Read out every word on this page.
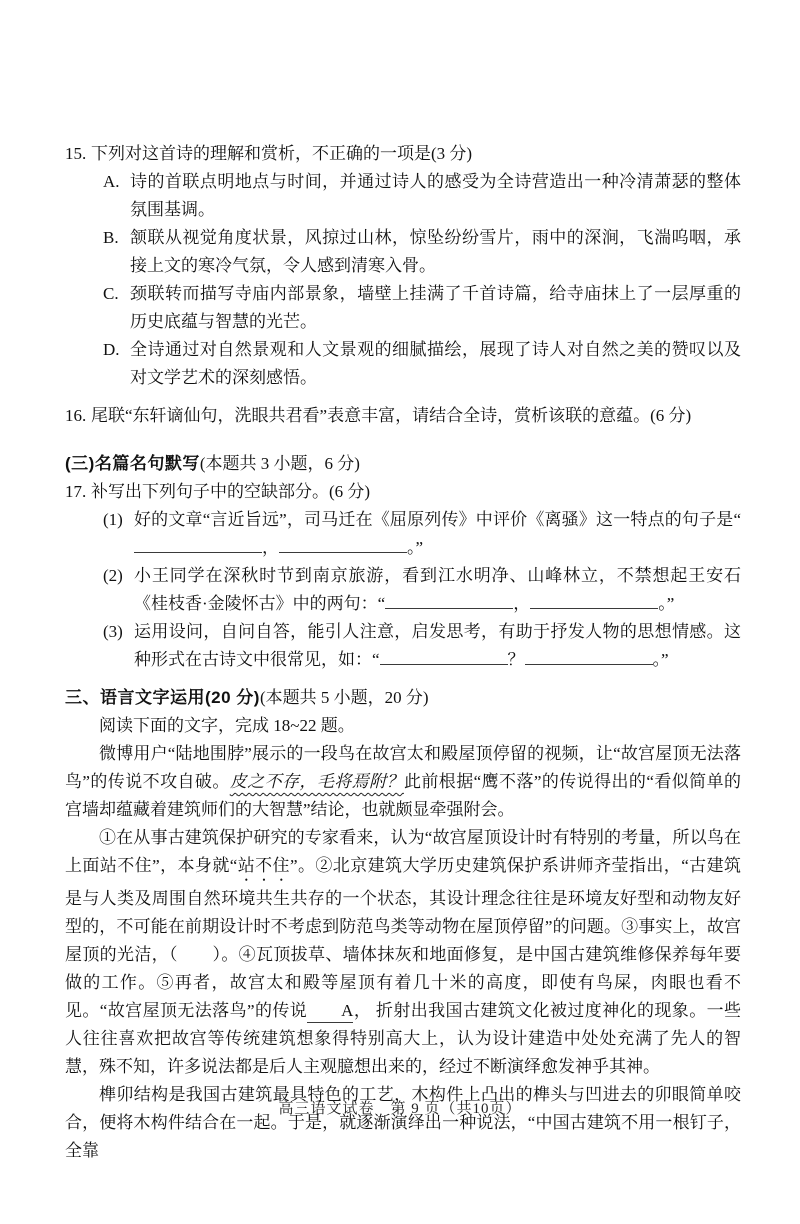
15. 下列对这首诗的理解和赏析，不正确的一项是(3 分)
A. 诗的首联点明地点与时间，并通过诗人的感受为全诗营造出一种冷清萧瑟的整体氛围基调。
B. 颔联从视觉角度状景，风掠过山林，惊坠纷纷雪片，雨中的深涧，飞湍呜咽，承接上文的寒冷气氛，令人感到清寒入骨。
C. 颈联转而描写寺庙内部景象，墙壁上挂满了千首诗篇，给寺庙抹上了一层厚重的历史底蕴与智慧的光芒。
D. 全诗通过对自然景观和人文景观的细腻描绘，展现了诗人对自然之美的赞叹以及对文学艺术的深刻感悟。
16. 尾联“东轩谪仙句，洗眼共君看”表意丰富，请结合全诗，赏析该联的意蕴。(6 分)
(三)名篇名句默写(本题共 3 小题，6 分)
17. 补写出下列句子中的空缺部分。(6 分)
(1) 好的文章“言近旨远”，司马迁在《屈原列传》中评价《离骚》这一特点的句子是“，	。”
(2) 小王同学在深秋时节到南京旅游，看到江水明净、山峰林立，不禁想起王安石 《桂枝香·金陵怀古》中的两句：“	，	。”
(3) 运用设问，自问自答，能引人注意，启发思考，有助于抒发人物的思想情感。这种形式在古诗文中很常见，如：“	？	。”
三、语言文字运用(20 分)(本题共 5 小题，20 分)
阅读下面的文字，完成 18~22 题。
微博用户“陆地围脖”展示的一段鸟在故宫太和殿屋顶停留的视频，让“故宫屋顶无法落鸟”的传说不攻自破。皮之不存，毛将焉附？此前根据“鹰不落”的传说得出的“看似简单的宫墙却蕴藏着建筑师们的大智慧”结论，也就颇显牵强附会。
①在从事古建筑保护研究的专家看来，认为“故宫屋顶设计时有特别的考量，所以鸟在上面站不住”，本身就“站不住”。②北京建筑大学历史建筑保护系讲师齐莹指出，“古建筑是与人类及周围自然环境共生共存的一个状态，其设计理念往往是环境友好型和动物友好型的，不可能在前期设计时不考虑到防范鸟类等动物在屋顶停留”的问题。③事实上，故宫屋顶的光洁，（　　）。④瓦顶拔草、墙体抹灰和地面修复，是中国古建筑维修保养每年要做的工作。⑤再者，故宫太和殿等屋顶有着几十米的高度，即使有鸟屎，肉眼也看不见。“故宫屋顶无法落鸟”的传说 A， 折射出我国古建筑文化被过度神化的现象。一些人往往喜欢把故宫等传统建筑想象得特别高大上，认为设计建造中处处充满了先人的智慧，殊不知，许多说法都是后人主观臆想出来的，经过不断演绎愈发神乎其神。
榫卯结构是我国古建筑最具特色的工艺，木构件上凸出的榫头与凹进去的卯眼简单咬合，便将木构件结合在一起。于是，就逐渐演绎出一种说法，“中国古建筑不用一根钉子，全靠
高三语文试卷　第 9 页（共10页）
